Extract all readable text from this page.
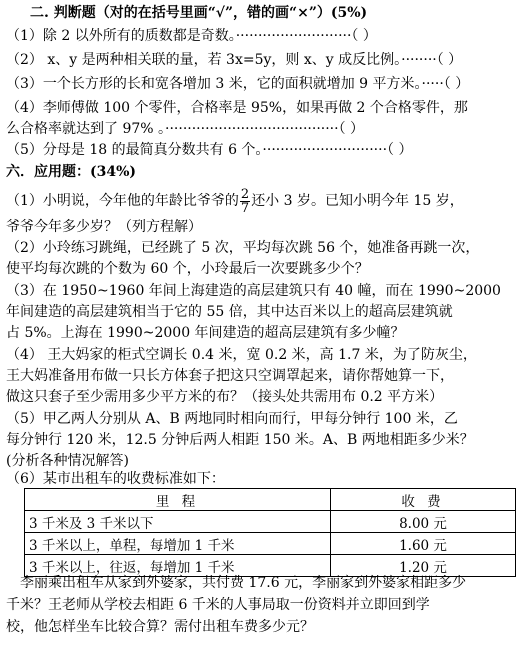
二. 判断题（对的在括号里画“√”，错的画“×”）(5%)
（1）除 2 以外所有的质数都是奇数。··························（ ）
（2） x、y 是两种相关联的量，若 3x=5y，则 x、y 成反比例。········（ ）
（3）一个长方形的长和宽各增加 3 米，它的面积就增加 9 平方米。·····（ ）
（4）李师傅做 100 个零件，合格率是 95%，如果再做 2 个合格零件，那
么合格率就达到了 97% 。·······································（ ）
（5）分母是 18 的最简真分数共有 6 个。····························（ ）
六．应用题：(34%)
（1）小明说，今年他的年龄比爷爷的 $\frac{2}{7}$ 还小 3 岁。已知小明今年 15 岁，
爷爷今年多少岁？（列方程解）
（2）小玲练习跳绳，已经跳了 5 次，平均每次跳 56 个，她准备再跳一次，
使平均每次跳的个数为 60 个，小玲最后一次要跳多少个？
（3）在 1950~1960 年间上海建造的高层建筑只有 40 幢，而在 1990~2000
年间建造的高层建筑相当于它的 55 倍，其中达百米以上的超高层建筑就
占 5%。上海在 1990~2000 年间建造的超高层建筑有多少幢？
（4） 王大妈家的柜式空调长 0.4 米，宽 0.2 米，高 1.7 米，为了防灰尘，
王大妈准备用布做一只长方体套子把这只空调罩起来，请你帮她算一下，
做这只套子至少需用多少平方米的布？（接头处共需用布 0.2 平方米）
（5）甲乙两人分别从 A、B 两地同时相向而行，甲每分钟行 100 米，乙
每分钟行 120 米，12.5 分钟后两人相距 150 米。A、B 两地相距多少米？
(分析各种情况解答)
（6）某市出租车的收费标准如下：
里 程	收 费
3 千米及 3 千米以下	8.00 元
3 千米以上，单程，每增加 1 千米	1.60 元
3 千米以上，往返，每增加 1 千米	1.20 元
李丽乘出租车从家到外婆家，共付费 17.6 元，李丽家到外婆家相距多少
千米？王老师从学校去相距 6 千米的人事局取一份资料并立即回到学
校，他怎样坐车比较合算？需付出租车费多少元？
